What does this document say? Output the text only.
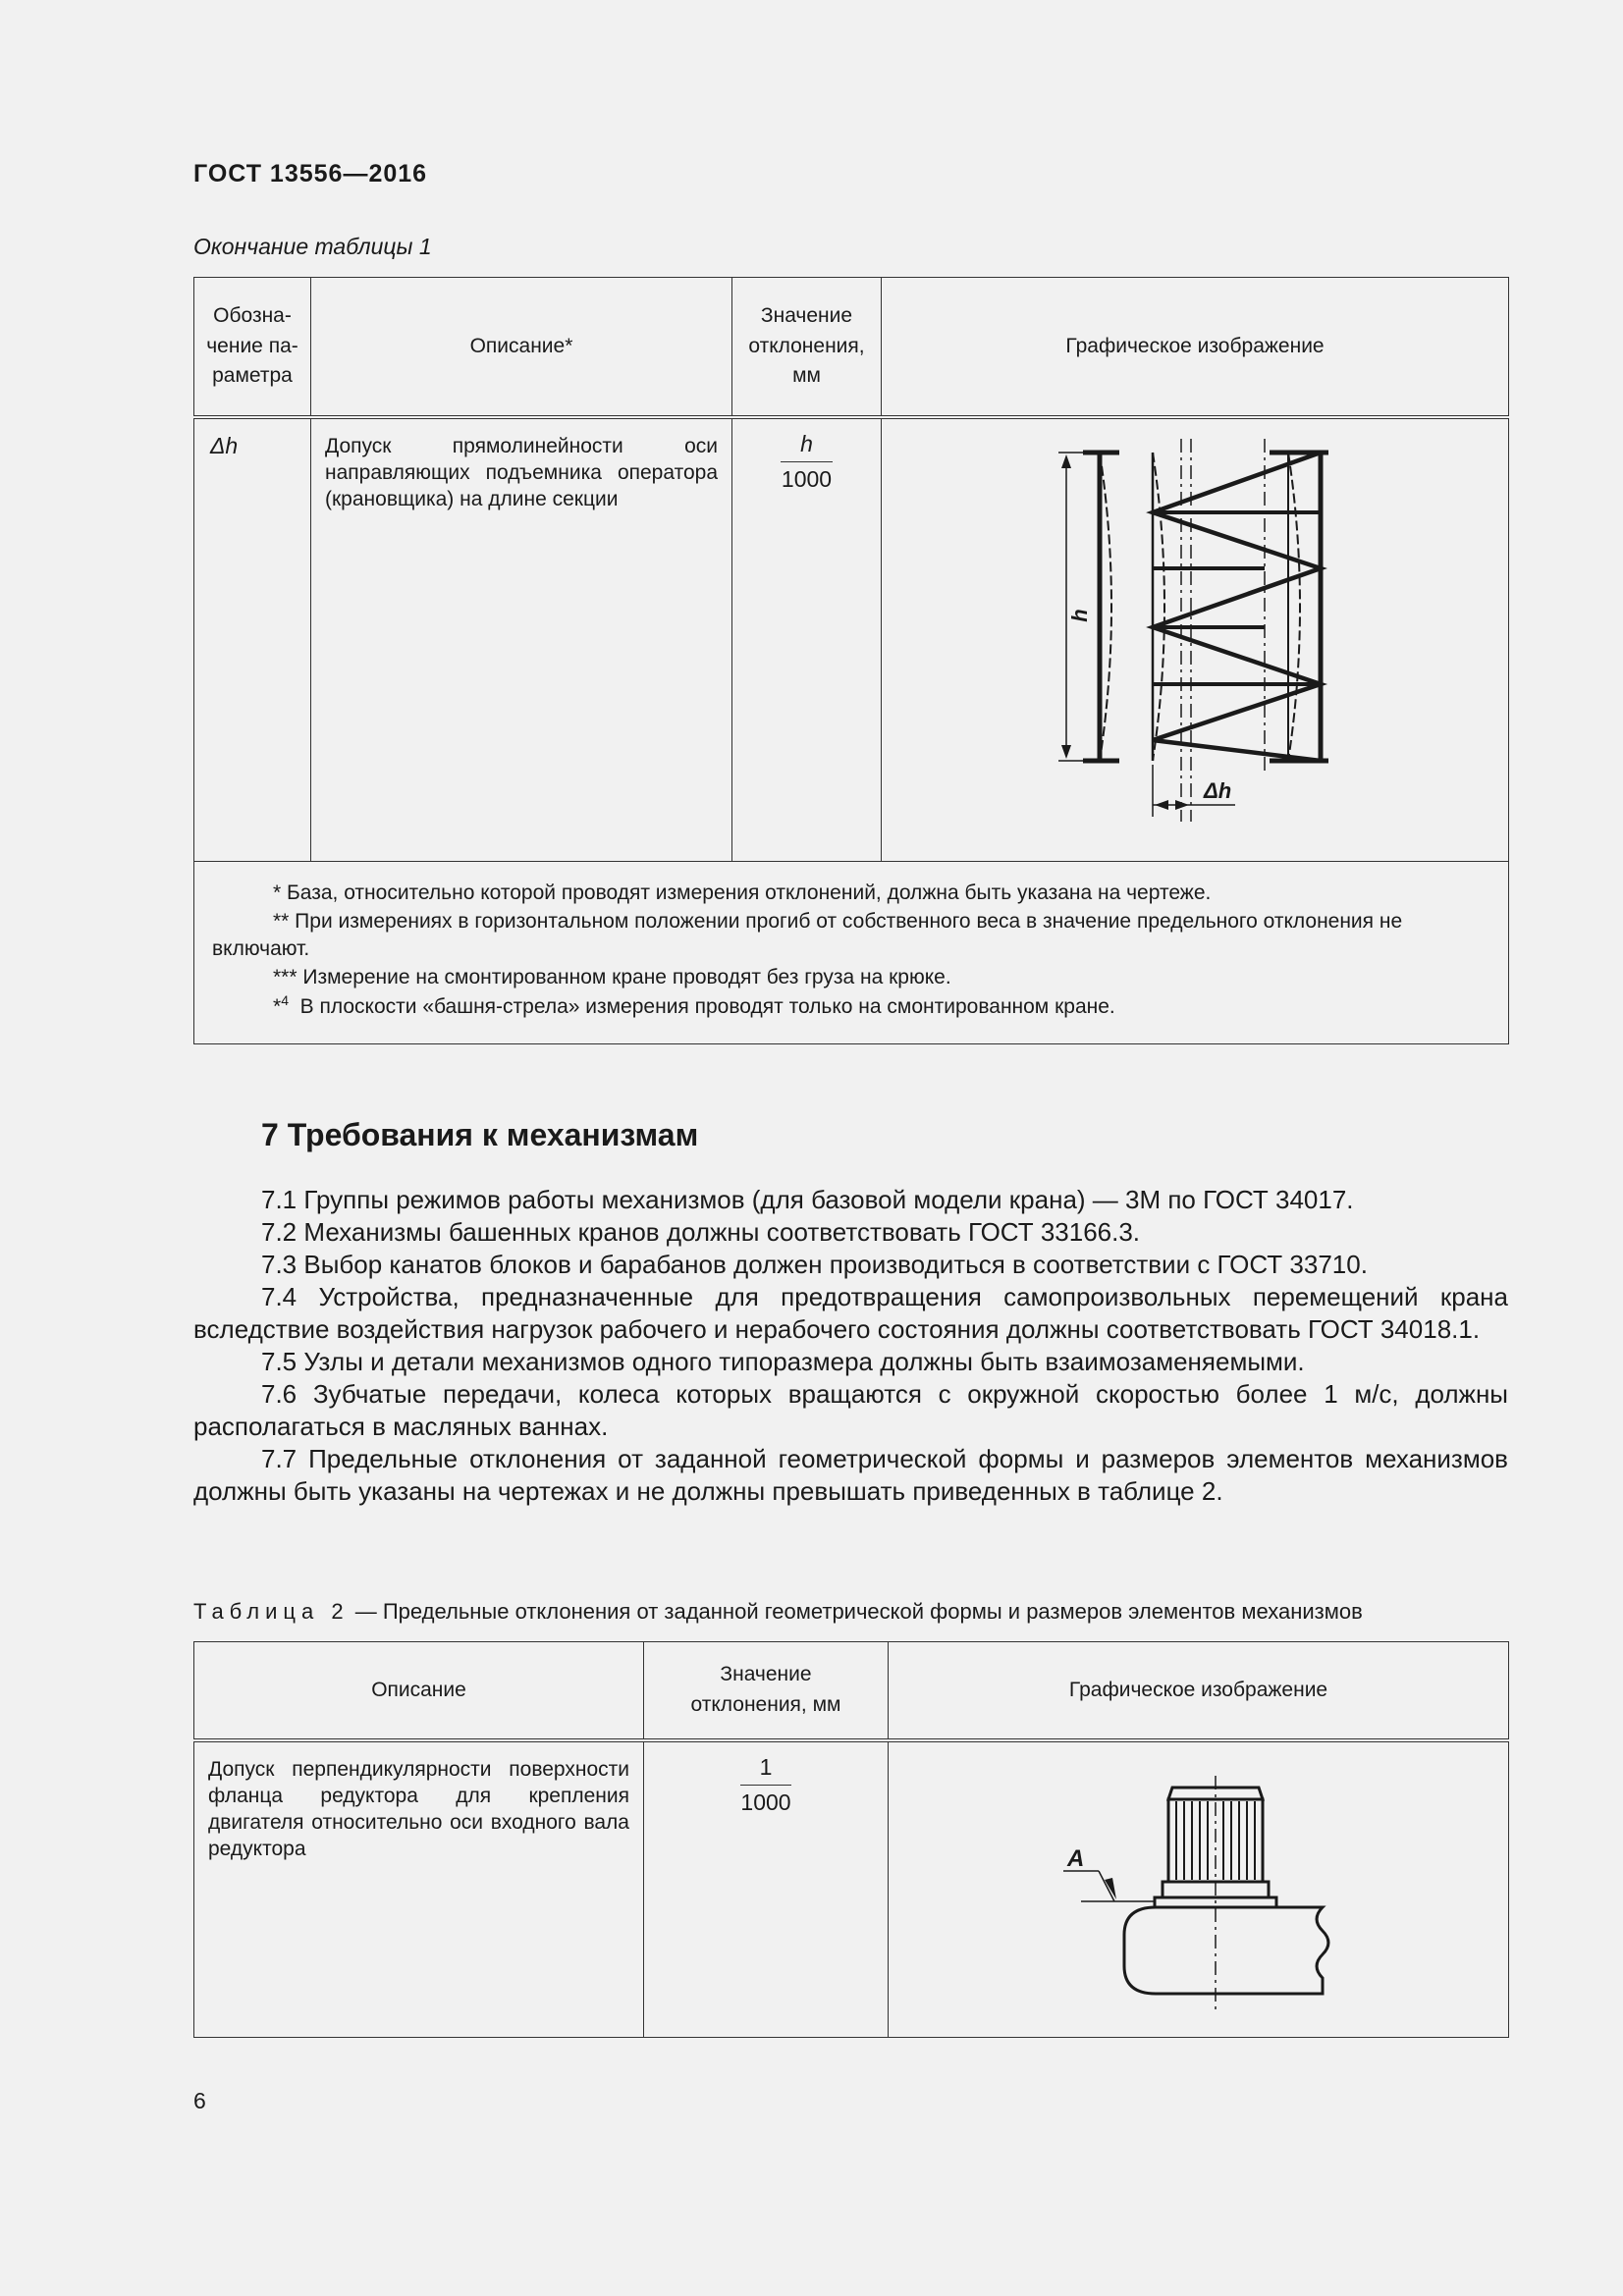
ГОСТ 13556—2016
Окончание таблицы 1
Обозна-
чение па-
раметра	Описание*	Значение
отклонения,
мм	Графическое изображение
Δh	Допуск прямолинейности оси направляющих подъемника оператора (крановщика) на длине секции	$\frac{h}{1000}$	h
Δh

* База, относительно которой проводят измерения отклонений, должна быть указана на чертеже.

** При измерениях в горизонтальном положении прогиб от собственного веса в значение предельного отклонения не включают.

*** Измерение на смонтированном кране проводят без груза на крюке.

*$^4$ В плоскости «башня-стрела» измерения проводят только на смонтированном кране.			

7 Требования к механизмам

7.1 Группы режимов работы механизмов (для базовой модели крана) — 3М по ГОСТ 34017.

7.2 Механизмы башенных кранов должны соответствовать ГОСТ 33166.3.

7.3 Выбор канатов блоков и барабанов должен производиться в соответствии с ГОСТ 33710.

7.4 Устройства, предназначенные для предотвращения самопроизвольных перемещений крана вследствие воздействия нагрузок рабочего и нерабочего состояния должны соответствовать ГОСТ 34018.1.

7.5 Узлы и детали механизмов одного типоразмера должны быть взаимозаменяемыми.

7.6 Зубчатые передачи, колеса которых вращаются с окружной скоростью более 1 м/с, должны располагаться в масляных ваннах.

7.7 Предельные отклонения от заданной геометрической формы и размеров элементов механизмов должны быть указаны на чертежах и не должны превышать приведенных в таблице 2.

Таблица 2 — Предельные отклонения от заданной геометрической формы и размеров элементов механизмов
Описание	Значение
отклонения, мм	Графическое изображение
Допуск перпендикулярности поверхности фланца редуктора для крепления двигателя относительно оси входного вала редуктора	$\frac{1}{1000}$	A
6
